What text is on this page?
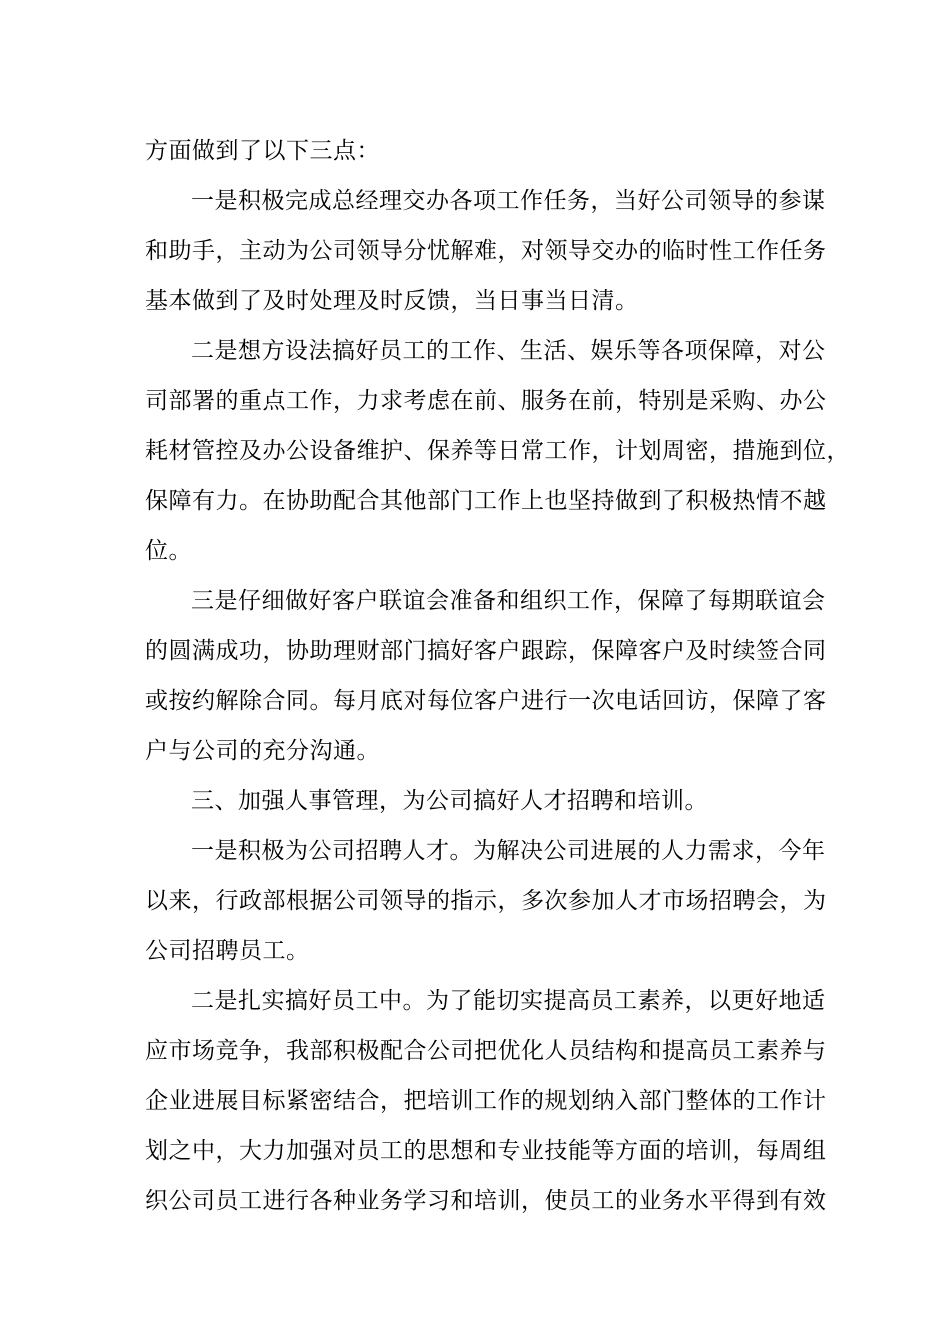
方面做到了以下三点：
一是积极完成总经理交办各项工作任务，当好公司领导的参谋
和助手，主动为公司领导分忧解难，对领导交办的临时性工作任务
基本做到了及时处理及时反馈，当日事当日清。
二是想方设法搞好员工的工作、生活、娱乐等各项保障，对公
司部署的重点工作，力求考虑在前、服务在前，特别是采购、办公
耗材管控及办公设备维护、保养等日常工作，计划周密，措施到位，
保障有力。在协助配合其他部门工作上也坚持做到了积极热情不越
位。
三是仔细做好客户联谊会准备和组织工作，保障了每期联谊会
的圆满成功，协助理财部门搞好客户跟踪，保障客户及时续签合同
或按约解除合同。每月底对每位客户进行一次电话回访，保障了客
户与公司的充分沟通。
三、加强人事管理，为公司搞好人才招聘和培训。
一是积极为公司招聘人才。为解决公司进展的人力需求，今年
以来，行政部根据公司领导的指示，多次参加人才市场招聘会，为
公司招聘员工。
二是扎实搞好员工中。为了能切实提高员工素养，以更好地适
应市场竞争，我部积极配合公司把优化人员结构和提高员工素养与
企业进展目标紧密结合，把培训工作的规划纳入部门整体的工作计
划之中，大力加强对员工的思想和专业技能等方面的培训，每周组
织公司员工进行各种业务学习和培训，使员工的业务水平得到有效
